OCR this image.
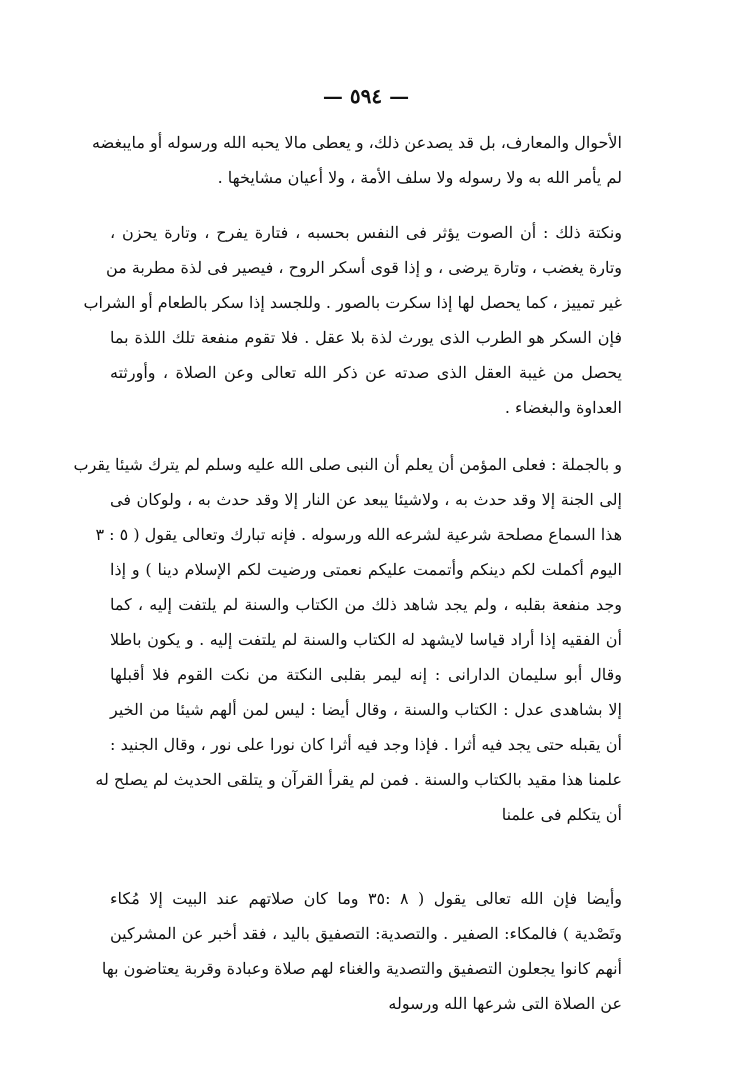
— ٥٩٤ —
الأحوال والمعارف، بل قد يصدعن ذلك، و يعطى مالا يحبه الله ورسوله أو مايبغضه
لم يأمر الله به ولا رسوله ولا سلف الأمة ، ولا أعيان مشايخها .
ونكتة ذلك : أن الصوت يؤثر فى النفس بحسبه ، فتارة يفرح ، وتارة يحزن ،
وتارة يغضب ، وتارة يرضى ، و إذا قوى أسكر الروح ، فيصير فى لذة مطربة من
غير تمييز ، كما يحصل لها إذا سكرت بالصور . وللجسد إذا سكر بالطعام أو الشراب
فإن السكر هو الطرب الذى يورث لذة بلا عقل . فلا تقوم منفعة تلك اللذة بما
يحصل من غيبة العقل الذى صدته عن ذكر الله تعالى وعن الصلاة ، وأورثته
العداوة والبغضاء .
و بالجملة : فعلى المؤمن أن يعلم أن النبى صلى الله عليه وسلم لم يترك شيئا يقرب
إلى الجنة إلا وقد حدث به ، ولاشيئا يبعد عن النار إلا وقد حدث به ، ولوكان فى
هذا السماع مصلحة شرعية لشرعه الله ورسوله . فإنه تبارك وتعالى يقول ( ٥ : ٣
اليوم أكملت لكم دينكم وأتممت عليكم نعمتى ورضيت لكم الإسلام دينا ) و إذا
وجد منفعة بقلبه ، ولم يجد شاهد ذلك من الكتاب والسنة لم يلتفت إليه ، كما
أن الفقيه إذا أراد قياسا لايشهد له الكتاب والسنة لم يلتفت إليه . و يكون باطلا
وقال أبو سليمان الدارانى : إنه ليمر بقلبى النكتة من نكت القوم فلا أقبلها
إلا بشاهدى عدل : الكتاب والسنة ، وقال أيضا : ليس لمن ألهم شيئا من الخير
أن يقبله حتى يجد فيه أثرا . فإذا وجد فيه أثرا كان نورا على نور ، وقال الجنيد :
علمنا هذا مقيد بالكتاب والسنة . فمن لم يقرأ القرآن و يتلقى الحديث لم يصلح له
أن يتكلم فى علمنا
وأيضا فإن الله تعالى يقول ( ٨ :٣٥ وما كان صلاتهم عند البيت إلا مُكاء
وتَصْدية ) فالمكاء: الصفير . والتصدية: التصفيق باليد ، فقد أخبر عن المشركين
أنهم كانوا يجعلون التصفيق والتصدية والغناء لهم صلاة وعبادة وقربة يعتاضون بها
عن الصلاة التى شرعها الله ورسوله
